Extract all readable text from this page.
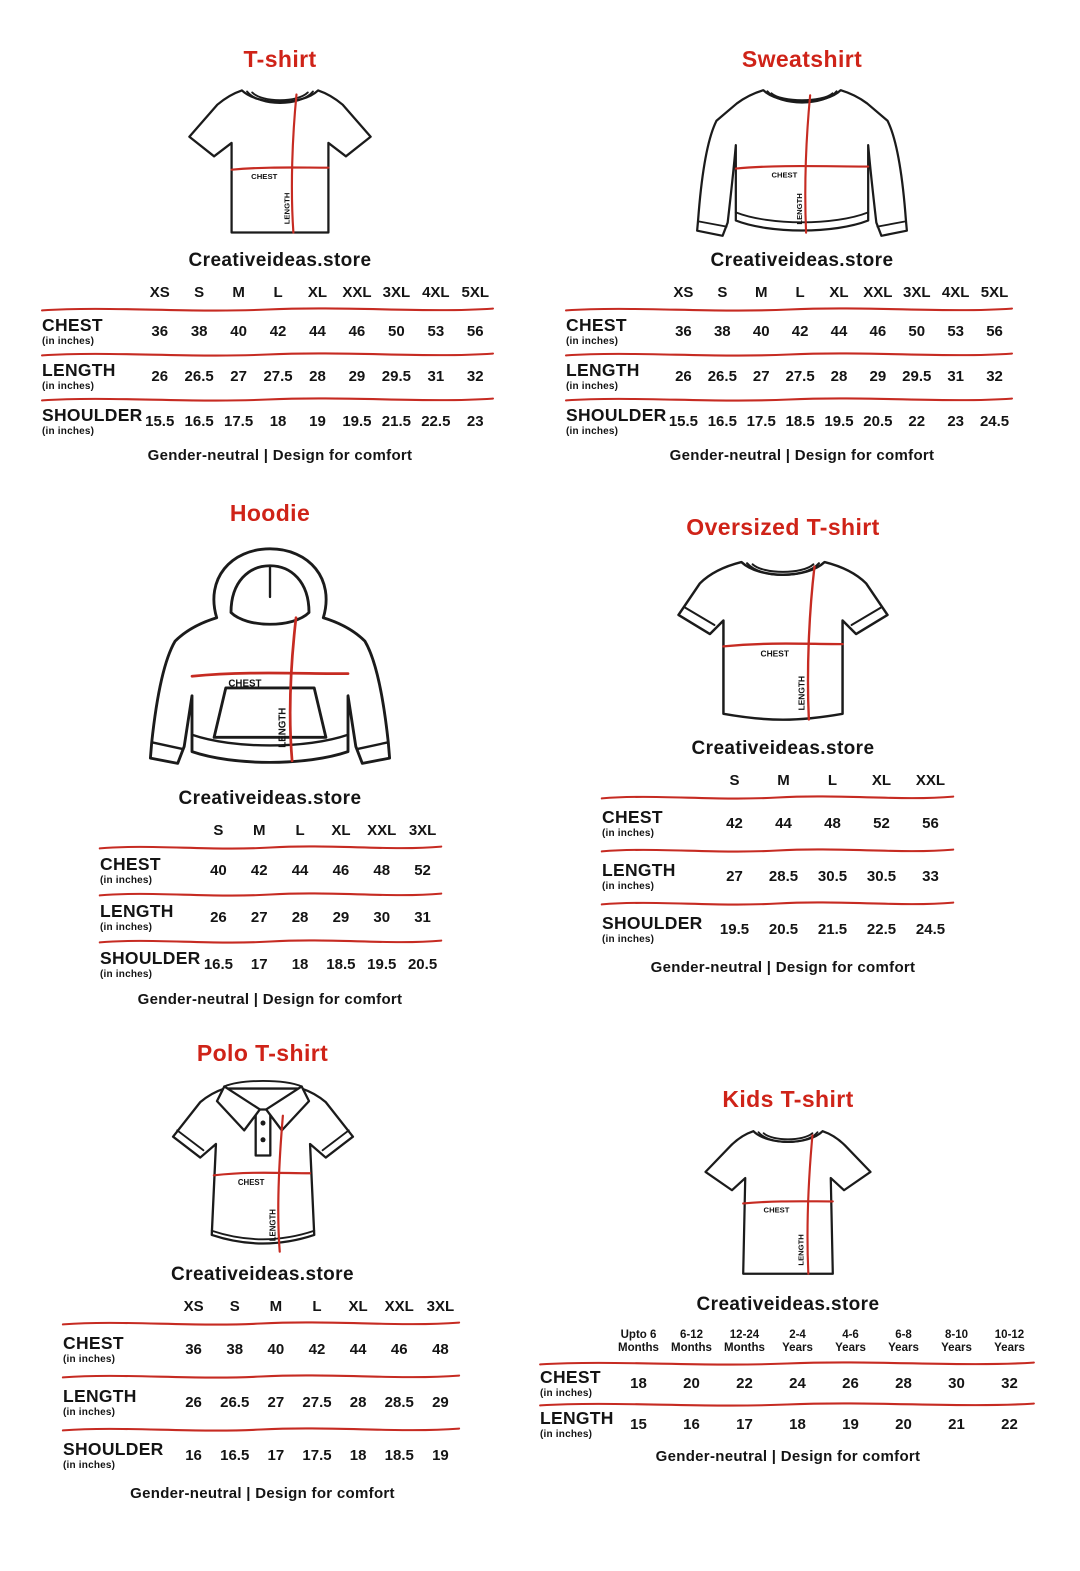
T-shirt
CHEST
LENGTH
Creativeideas.store
XS	S	M	L	XL	XXL 3XL 4XL 5XL
CHEST
(in inches)
36	38	40	42	44	46	50	53	56
LENGTH
(in inches)
26	26.5	27	27.5	28	29	29.5	31	32
SHOULDER
(in inches)
15.5 16.5 17.5	18	19	19.5 21.5 22.5	23
Gender-neutral | Design for comfort
Sweatshirt
CHEST
LENGTH
Creativeideas.store
XS	S	M	L	XL XXL 3XL 4XL 5XL
CHEST
(in inches)
36	38	40	42	44	46	50	53	56
LENGTH
(in inches)
26	26.5	27	27.5	28	29	29.5	31	32
SHOULDER
(in inches)
15.5 16.5 17.5 18.5 19.5 20.5	22	23	24.5
Gender-neutral | Design for comfort
Hoodie
CHEST
LENGTH
Creativeideas.store
S	M	L	XL	XXL 3XL
CHEST
(in inches)
40	42	44	46	48	52
LENGTH
(in inches)
26	27	28	29	30	31
SHOULDER
(in inches)
16.5	17	18	18.5 19.5 20.5
Gender-neutral | Design for comfort
Oversized T-shirt
CHEST
LENGTH
Creativeideas.store
S	M	L	XL	XXL
CHEST
(in inches)
42	44	48	52	56
LENGTH
(in inches)
27	28.5	30.5	30.5	33
SHOULDER
(in inches)
19.5	20.5	21.5	22.5	24.5
Gender-neutral | Design for comfort
Polo T-shirt
CHEST
LENGTH
Creativeideas.store
XS	S	M	L	XL	XXL 3XL
CHEST
(in inches)
36	38	40	42	44	46	48
LENGTH
(in inches)
26	26.5	27	27.5	28	28.5	29
SHOULDER
(in inches)
16	16.5	17	17.5	18	18.5	19
Gender-neutral | Design for comfort
Kids T-shirt
CHEST
LENGTH
Creativeideas.store
Upto 6
Months
6-12
Months
12-24
Months
2-4
Years
4-6
Years
6-8
Years
8-10
Years
10-12
Years
CHEST
(in inches)
18	20	22	24	26	28	30	32
LENGTH
(in inches)
15	16	17	18	19	20	21	22
Gender-neutral | Design for comfort
